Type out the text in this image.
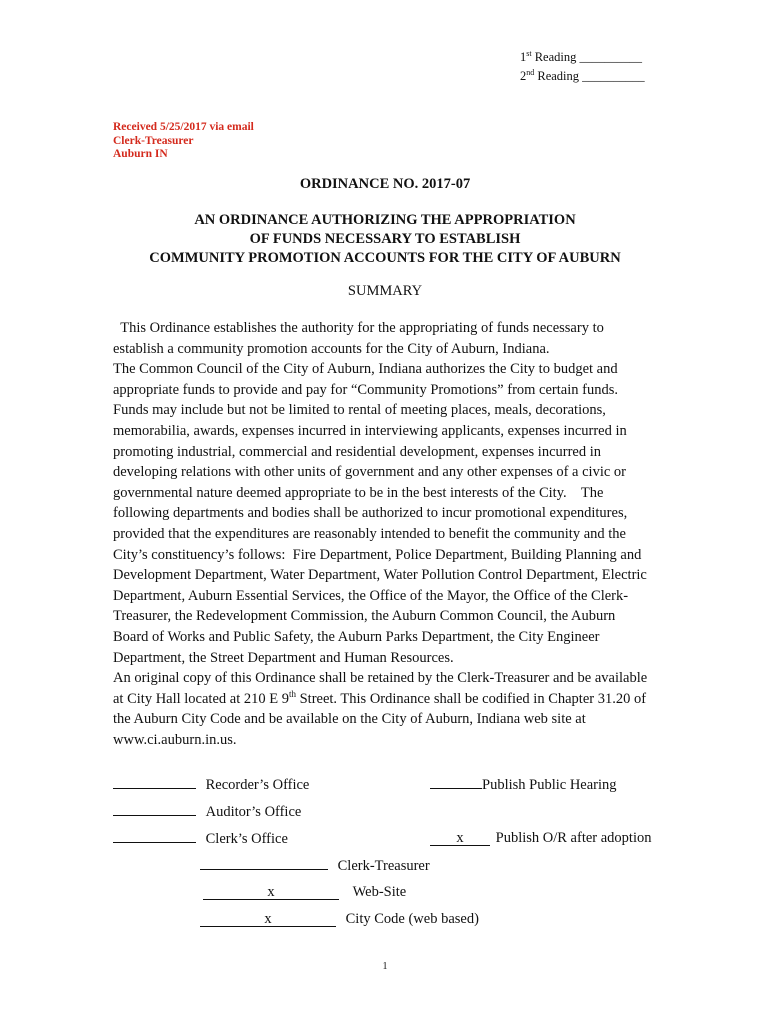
1st Reading __________
2nd Reading __________
Received 5/25/2017 via email
Clerk-Treasurer
Auburn IN
ORDINANCE NO. 2017-07
AN ORDINANCE AUTHORIZING THE APPROPRIATION
OF FUNDS NECESSARY TO ESTABLISH
COMMUNITY PROMOTION ACCOUNTS FOR THE CITY OF AUBURN
SUMMARY

This Ordinance establishes the authority for the appropriating of funds necessary to establish a community promotion accounts for the City of Auburn, Indiana.

The Common Council of the City of Auburn, Indiana authorizes the City to budget and appropriate funds to provide and pay for “Community Promotions” from certain funds. Funds may include but not be limited to rental of meeting places, meals, decorations, memorabilia, awards, expenses incurred in interviewing applicants, expenses incurred in promoting industrial, commercial and residential development, expenses incurred in developing relations with other units of government and any other expenses of a civic or governmental nature deemed appropriate to be in the best interests of the City.    The following departments and bodies shall be authorized to incur promotional expenditures, provided that the expenditures are reasonably intended to benefit the community and the City’s constituency’s follows:  Fire Department, Police Department, Building Planning and Development Department, Water Department, Water Pollution Control Department, Electric Department, Auburn Essential Services, the Office of the Mayor, the Office of the Clerk-Treasurer, the Redevelopment Commission, the Auburn Common Council, the Auburn Board of Works and Public Safety, the Auburn Parks Department, the City Engineer Department, the Street Department and Human Resources.

An original copy of this Ordinance shall be retained by the Clerk-Treasurer and be available at City Hall located at 210 E 9th Street. This Ordinance shall be codified in Chapter 31.20 of the Auburn City Code and be available on the City of Auburn, Indiana web site at www.ci.auburn.in.us.

Recorder’s Office	Publish Public Hearing
Auditor’s Office
Clerk’s Office	x Publish O/R after adoption
Clerk-Treasurer
x	Web-Site
x	City Code (web based)
1
